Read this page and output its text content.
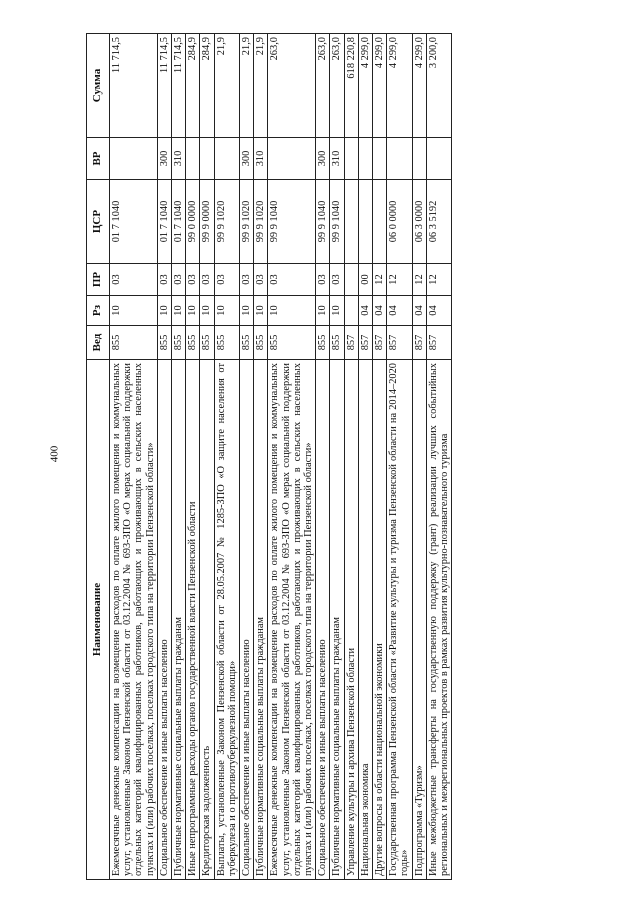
400
Наименование	Вед	Рз	ПР	ЦСР	ВР	Сумма
Ежемесячные денежные компенсации на возмещение расходов по оплате жилого помещения и коммунальных услуг, установленные Законом Пензенской области от 03.12.2004 № 693-ЗПО «О мерах социальной поддержки отдельных категорий квалифицированных работников, работающих и проживающих в сельских населенных пунктах и (или) рабочих поселках, поселках городского типа на территории Пензенской области»	855	10	03	01 7 1040		11 714,5
Социальное обеспечение и иные выплаты населению	855	10	03	01 7 1040	300	11 714,5
Публичные нормативные социальные выплаты гражданам	855	10	03	01 7 1040	310	11 714,5
Иные непрограммные расходы органов государственной власти Пензенской области	855	10	03	99 0 0000		284,9
Кредиторская задолженность	855	10	03	99 9 0000		284,9
Выплаты, установленные Законом Пензенской области от 28.05.2007 № 1285-ЗПО «О защите населения от туберкулеза и о противотуберкулезной помощи»	855	10	03	99 9 1020		21,9
Социальное обеспечение и иные выплаты населению	855	10	03	99 9 1020	300	21,9
Публичные нормативные социальные выплаты гражданам	855	10	03	99 9 1020	310	21,9
Ежемесячные денежные компенсации на возмещение расходов по оплате жилого помещения и коммунальных услуг, установленные Законом Пензенской области от 03.12.2004 № 693-ЗПО «О мерах социальной поддержки отдельных категорий квалифицированных работников, работающих и проживающих в сельских населенных пунктах и (или) рабочих поселках, поселках городского типа на территории Пензенской области»	855	10	03	99 9 1040		263,0
Социальное обеспечение и иные выплаты населению	855	10	03	99 9 1040	300	263,0
Публичные нормативные социальные выплаты гражданам	855	10	03	99 9 1040	310	263,0
Управление культуры и архива Пензенской области	857					618 220,8
Национальная экономика	857	04	00			4 299,0
Другие вопросы в области национальной экономики	857	04	12			4 299,0
Государственная программа Пензенской области «Развитие культуры и туризма Пензенской области на 2014–2020 годы»	857	04	12	06 0 0000		4 299,0
Подпрограмма «Туризм»	857	04	12	06 3 0000		4 299,0
Иные межбюджетные трансферты на государственную поддержку (грант) реализации лучших событийных региональных и межрегиональных проектов в рамках развития культурно-познавательного туризма	857	04	12	06 3 5192		3 200,0
